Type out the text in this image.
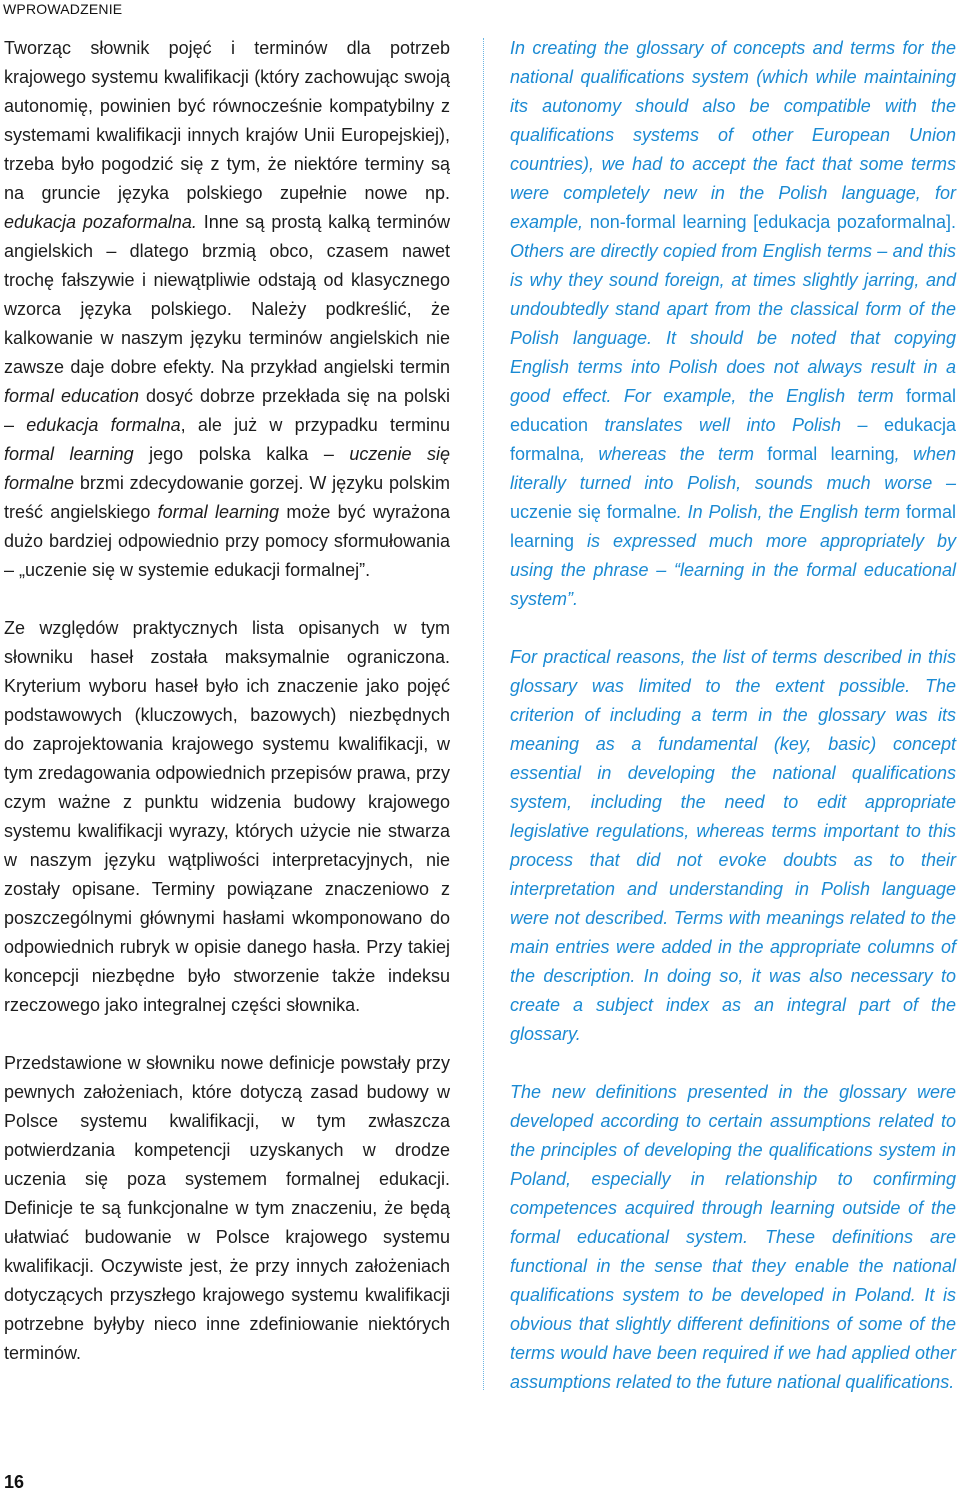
WPROWADZENIE

Tworząc słownik pojęć i terminów dla potrzeb krajowego systemu kwalifikacji (który zachowując swoją autonomię, powinien być równocześnie kompatybilny z systemami kwalifikacji innych krajów Unii Europejskiej), trzeba było pogodzić się z tym, że niektóre terminy są na gruncie języka polskiego zupełnie nowe np. edukacja pozaformalna. Inne są prostą kalką terminów angielskich – dlatego brzmią obco, czasem nawet trochę fałszywie i niewątpliwie odstają od klasycznego wzorca języka polskiego. Należy podkreślić, że kalkowanie w naszym języku terminów angielskich nie zawsze daje dobre efekty. Na przykład angielski termin formal education dosyć dobrze przekłada się na polski – edukacja formalna, ale już w przypadku terminu formal learning jego polska kalka – uczenie się formalne brzmi zdecydowanie gorzej. W języku polskim treść angielskiego formal learning może być wyrażona dużo bardziej odpowiednio przy pomocy sformułowania – „uczenie się w systemie edukacji formalnej”.

Ze względów praktycznych lista opisanych w tym słowniku haseł została maksymalnie ograniczona. Kryterium wyboru haseł było ich znaczenie jako pojęć podstawowych (kluczowych, bazowych) niezbędnych do zaprojektowania krajowego systemu kwalifikacji, w tym zredagowania odpowiednich przepisów prawa, przy czym ważne z punktu widzenia budowy krajowego systemu kwalifikacji wyrazy, których użycie nie stwarza w naszym języku wątpliwości interpretacyjnych, nie zostały opisane. Terminy powiązane znaczeniowo z poszczególnymi głównymi hasłami wkomponowano do odpowiednich rubryk w opisie danego hasła. Przy takiej koncepcji niezbędne było stworzenie także indeksu rzeczowego jako integralnej części słownika.

Przedstawione w słowniku nowe definicje powstały przy pewnych założeniach, które dotyczą zasad budowy w Polsce systemu kwalifikacji, w tym zwłaszcza potwierdzania kompetencji uzyskanych w drodze uczenia się poza systemem formalnej edukacji. Definicje te są funkcjonalne w tym znaczeniu, że będą ułatwiać budowanie w Polsce krajowego systemu kwalifikacji. Oczywiste jest, że przy innych założeniach dotyczących przyszłego krajowego systemu kwalifikacji potrzebne byłyby nieco inne zdefiniowanie niektórych terminów.

In creating the glossary of concepts and terms for the national qualifications system (which while maintaining its autonomy should also be compatible with the qualifications systems of other European Union countries), we had to accept the fact that some terms were completely new in the Polish language, for example, non-formal learning [edukacja pozaformalna]. Others are directly copied from English terms – and this is why they sound foreign, at times slightly jarring, and undoubtedly stand apart from the classical form of the Polish language. It should be noted that copying English terms into Polish does not always result in a good effect. For example, the English term formal education translates well into Polish – edukacja formalna, whereas the term formal learning, when literally turned into Polish, sounds much worse – uczenie się formalne. In Polish, the English term formal learning is expressed much more appropriately by using the phrase – “learning in the formal educational system”.

For practical reasons, the list of terms described in this glossary was limited to the extent possible. The criterion of including a term in the glossary was its meaning as a fundamental (key, basic) concept essential in developing the national qualifications system, including the need to edit appropriate legislative regulations, whereas terms important to this process that did not evoke doubts as to their interpretation and understanding in Polish language were not described. Terms with meanings related to the main entries were added in the appropriate columns of the description. In doing so, it was also necessary to create a subject index as an integral part of the glossary.

The new definitions presented in the glossary were developed according to certain assumptions related to the principles of developing the qualifications system in Poland, especially in relationship to confirming competences acquired through learning outside of the formal educational system. These definitions are functional in the sense that they enable the national qualifications system to be developed in Poland. It is obvious that slightly different definitions of some of the terms would have been required if we had applied other assumptions related to the future national qualifications.

16
